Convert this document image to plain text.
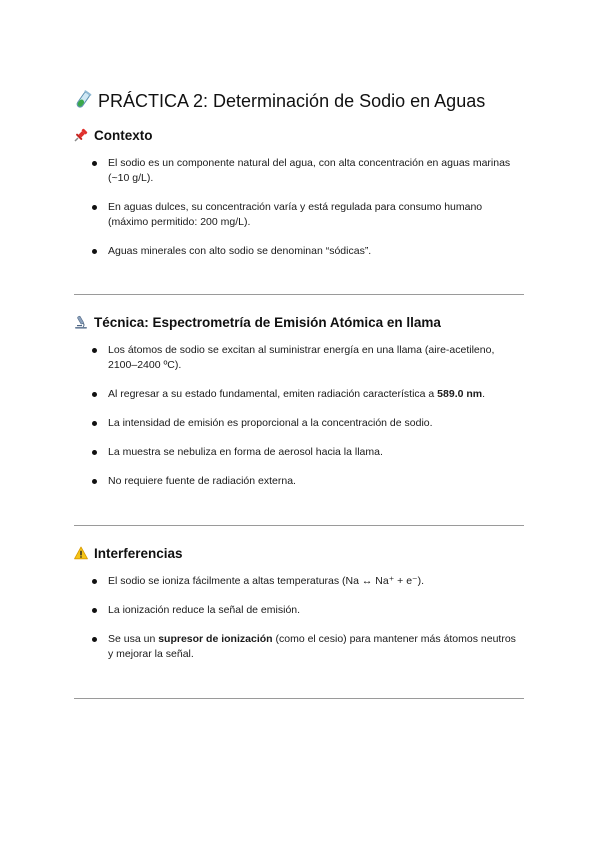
PRÁCTICA 2: Determinación de Sodio en Aguas
Contexto
El sodio es un componente natural del agua, con alta concentración en aguas marinas (~10 g/L).
En aguas dulces, su concentración varía y está regulada para consumo humano (máximo permitido: 200 mg/L).
Aguas minerales con alto sodio se denominan “sódicas”.
Técnica: Espectrometría de Emisión Atómica en llama
Los átomos de sodio se excitan al suministrar energía en una llama (aire-acetileno, 2100–2400 ºC).
Al regresar a su estado fundamental, emiten radiación característica a 589.0 nm.
La intensidad de emisión es proporcional a la concentración de sodio.
La muestra se nebuliza en forma de aerosol hacia la llama.
No requiere fuente de radiación externa.
Interferencias
El sodio se ioniza fácilmente a altas temperaturas (Na ↔ Na⁺ + e⁻).
La ionización reduce la señal de emisión.
Se usa un supresor de ionización (como el cesio) para mantener más átomos neutros y mejorar la señal.
